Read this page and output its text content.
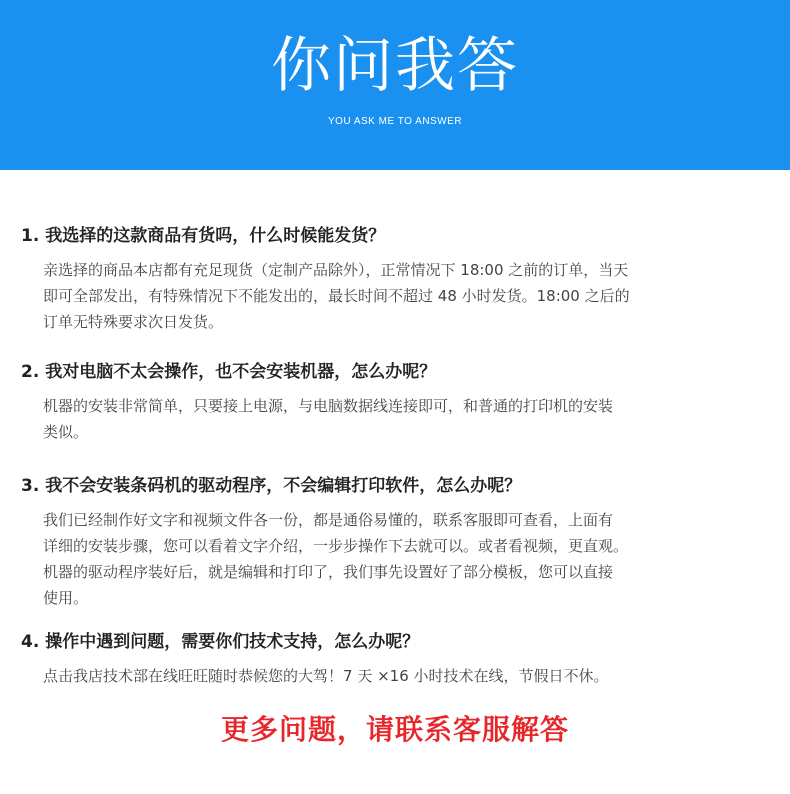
你问我答
YOU ASK ME TO ANSWER
1. 我选择的这款商品有货吗，什么时候能发货？
亲选择的商品本店都有充足现货（定制产品除外），正常情况下 18:00 之前的订单，当天
即可全部发出，有特殊情况下不能发出的，最长时间不超过 48 小时发货。18:00 之后的
订单无特殊要求次日发货。
2. 我对电脑不太会操作，也不会安装机器，怎么办呢？
机器的安装非常简单，只要接上电源，与电脑数据线连接即可，和普通的打印机的安装
类似。
3. 我不会安装条码机的驱动程序，不会编辑打印软件，怎么办呢？
我们已经制作好文字和视频文件各一份，都是通俗易懂的，联系客服即可查看，上面有
详细的安装步骤，您可以看着文字介绍，一步步操作下去就可以。或者看视频，更直观。
机器的驱动程序装好后，就是编辑和打印了，我们事先设置好了部分模板，您可以直接
使用。
4. 操作中遇到问题，需要你们技术支持，怎么办呢？
点击我店技术部在线旺旺随时恭候您的大驾！7 天 ×16 小时技术在线，节假日不休。
更多问题，请联系客服解答
